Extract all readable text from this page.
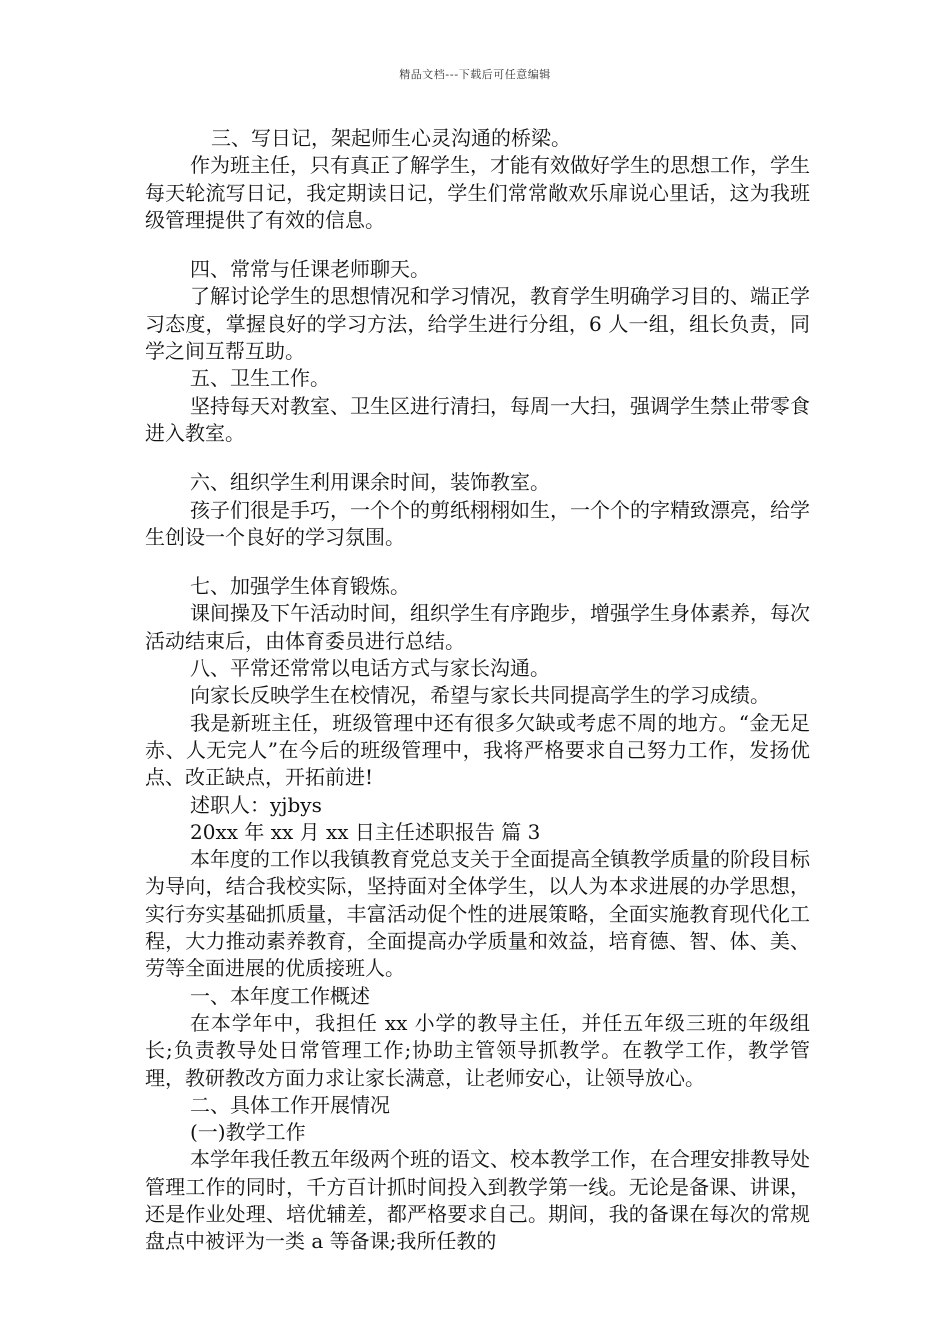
精品文档---下载后可任意编辑

三、写日记，架起师生心灵沟通的桥梁。

作为班主任，只有真正了解学生，才能有效做好学生的思想工作，学生每天轮流写日记，我定期读日记，学生们常常敞欢乐扉说心里话，这为我班级管理提供了有效的信息。

四、常常与任课老师聊天。

了解讨论学生的思想情况和学习情况，教育学生明确学习目的、端正学习态度，掌握良好的学习方法，给学生进行分组，6 人一组，组长负责，同学之间互帮互助。

五、卫生工作。

坚持每天对教室、卫生区进行清扫，每周一大扫，强调学生禁止带零食进入教室。

六、组织学生利用课余时间，装饰教室。

孩子们很是手巧，一个个的剪纸栩栩如生，一个个的字精致漂亮，给学生创设一个良好的学习氛围。

七、加强学生体育锻炼。

课间操及下午活动时间，组织学生有序跑步，增强学生身体素养，每次活动结束后，由体育委员进行总结。

八、平常还常常以电话方式与家长沟通。

向家长反映学生在校情况，希望与家长共同提高学生的学习成绩。

我是新班主任，班级管理中还有很多欠缺或考虑不周的地方。“金无足赤、人无完人”在今后的班级管理中，我将严格要求自己努力工作，发扬优点、改正缺点，开拓前进!

述职人：yjbys

20xx 年 xx 月 xx 日主任述职报告 篇 3

本年度的工作以我镇教育党总支关于全面提高全镇教学质量的阶段目标为导向，结合我校实际，坚持面对全体学生，以人为本求进展的办学思想，实行夯实基础抓质量，丰富活动促个性的进展策略，全面实施教育现代化工程，大力推动素养教育，全面提高办学质量和效益，培育德、智、体、美、劳等全面进展的优质接班人。

一、本年度工作概述

在本学年中，我担任 xx 小学的教导主任，并任五年级三班的年级组长;负责教导处日常管理工作;协助主管领导抓教学。在教学工作，教学管理，教研教改方面力求让家长满意，让老师安心，让领导放心。

二、具体工作开展情况

(一)教学工作

本学年我任教五年级两个班的语文、校本教学工作，在合理安排教导处管理工作的同时，千方百计抓时间投入到教学第一线。无论是备课、讲课，还是作业处理、培优辅差，都严格要求自己。期间，我的备课在每次的常规盘点中被评为一类 a 等备课;我所任教的
